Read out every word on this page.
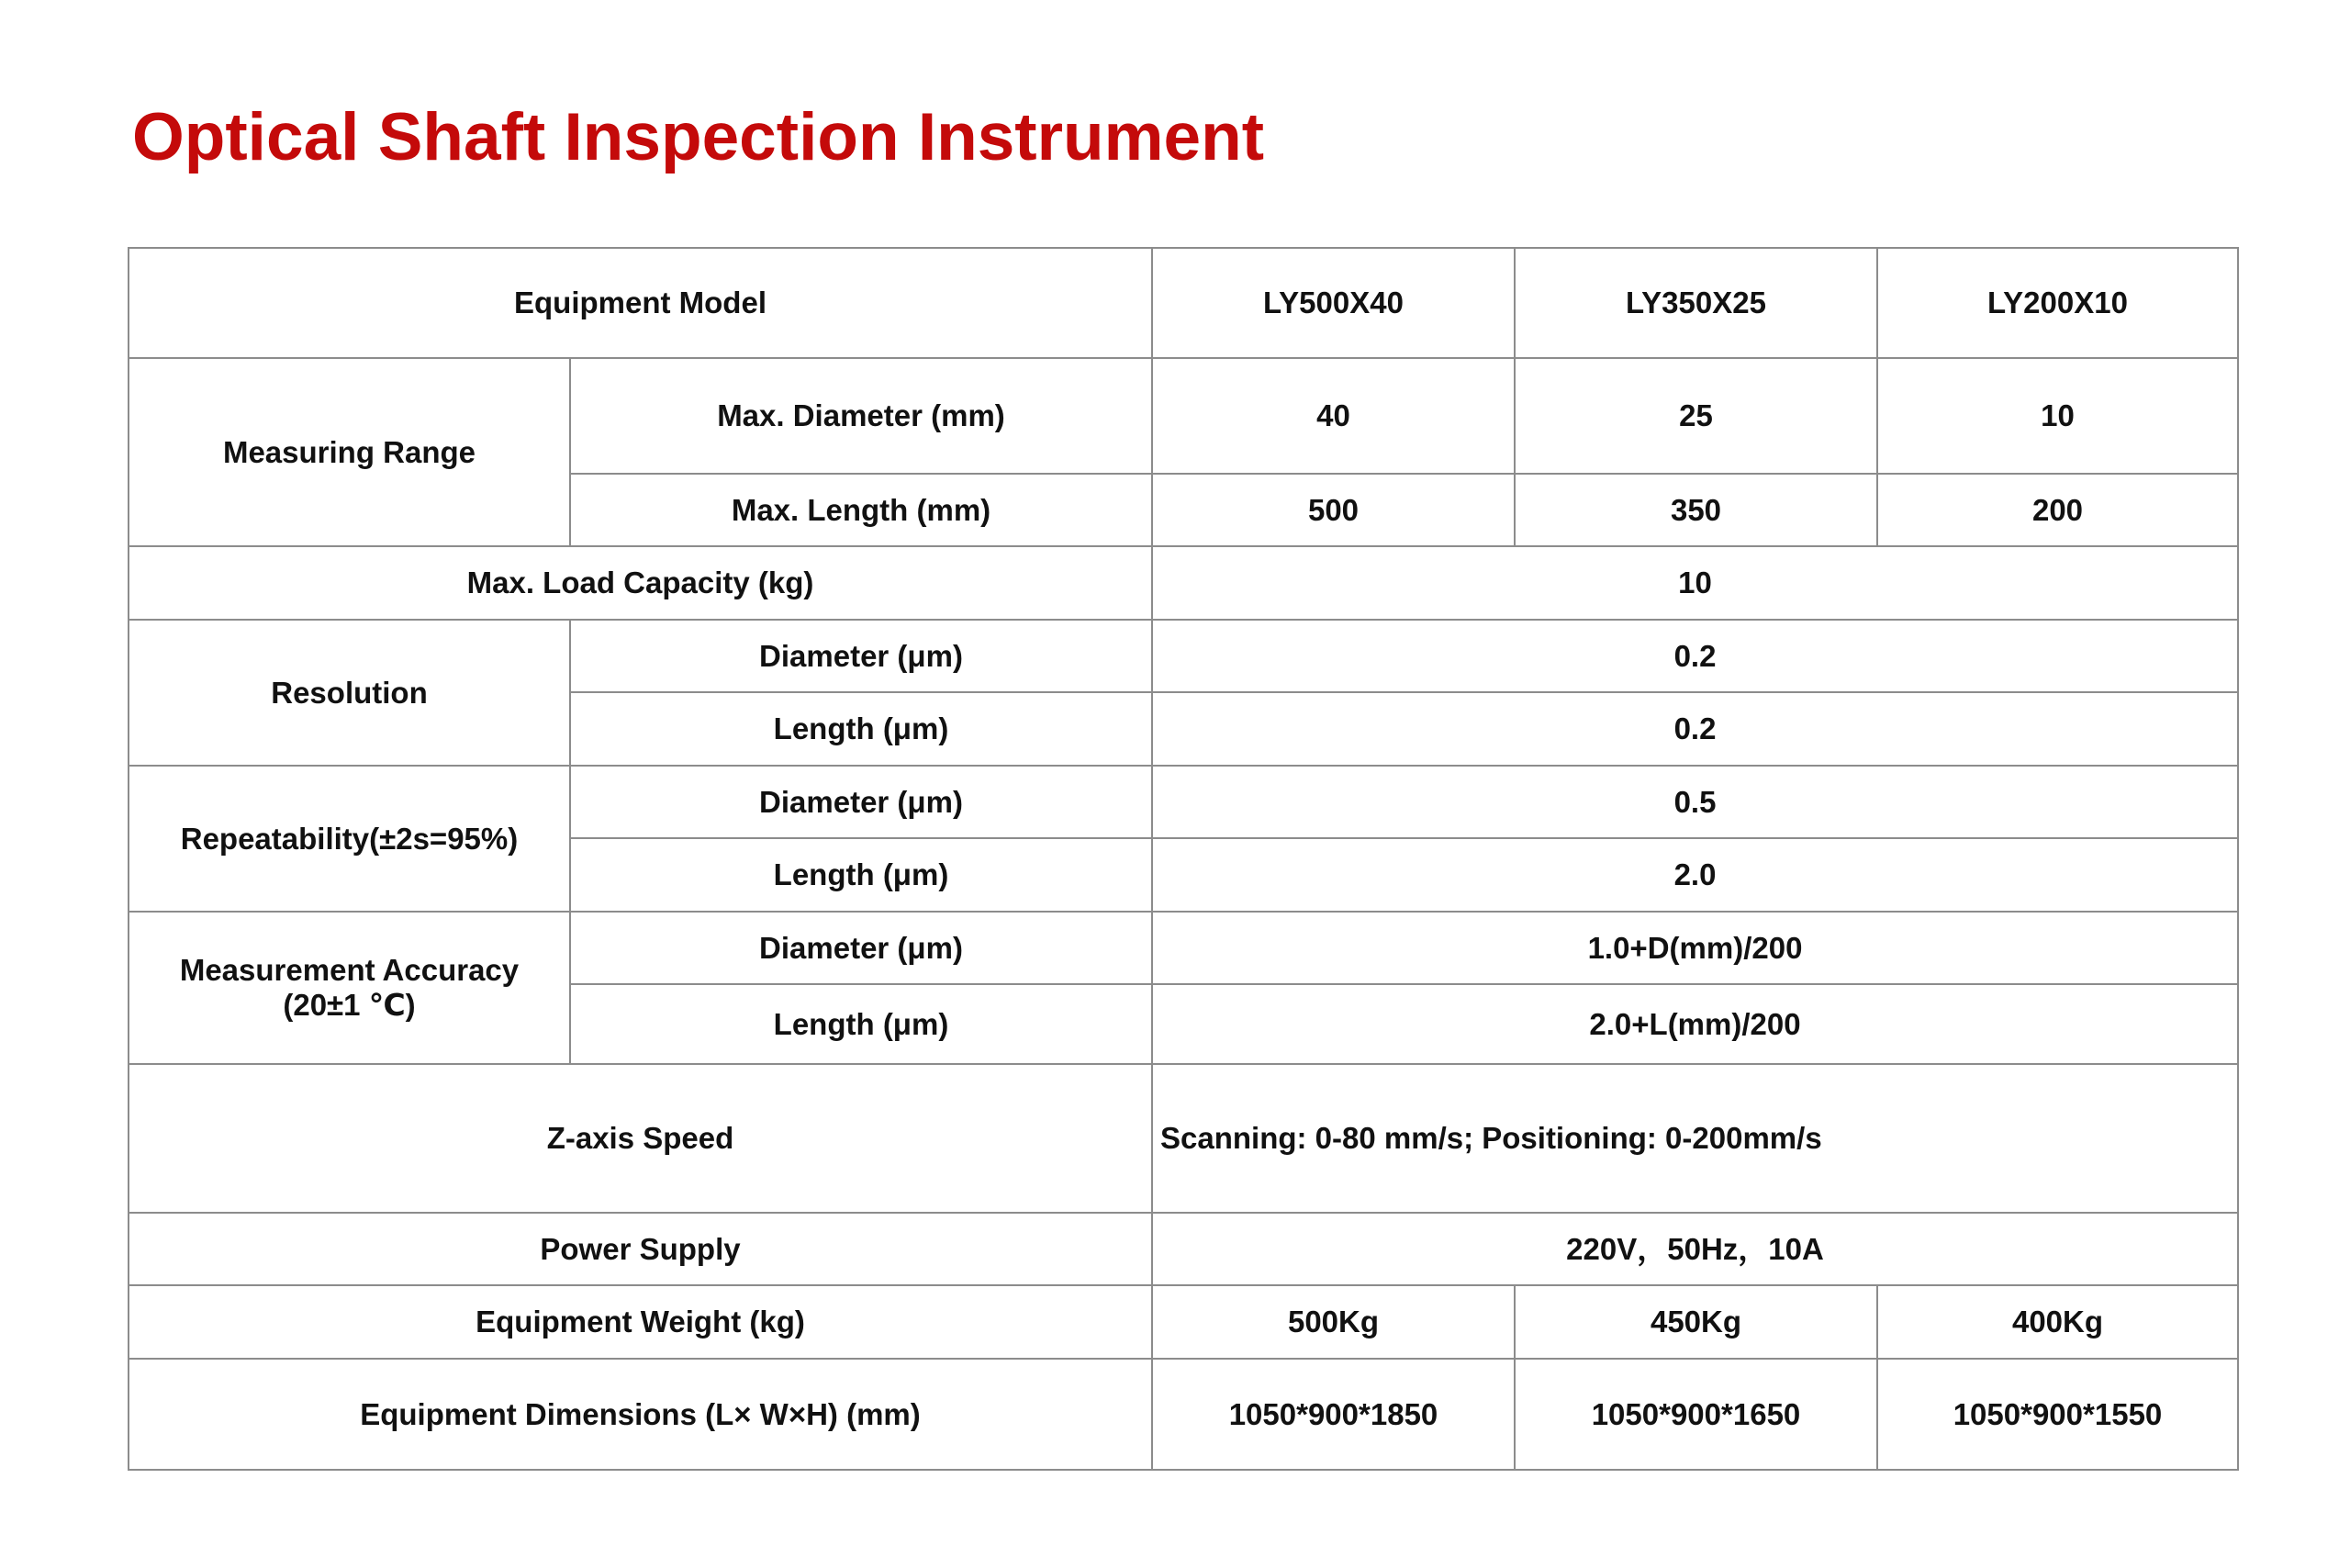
Optical Shaft Inspection Instrument
Equipment Model		LY500X40	LY350X25	LY200X10
Measuring Range	Max. Diameter (mm)	40	25	10
	Max. Length (mm)	500	350	200
Max. Load Capacity (kg)		10		
Resolution	Diameter (μm)	0.2		
	Length (μm)	0.2		
Repeatability(±2s=95%)	Diameter (μm)	0.5		
	Length (μm)	2.0		

Measurement Accuracy
(20±1 ℃)	Diameter (μm)	1.0+D(mm)/200		
	Length (μm)	2.0+L(mm)/200		
Z-axis Speed		Scanning: 0-80 mm/s; Positioning: 0-200mm/s		
Power Supply		220V，50Hz，10A		
Equipment Weight (kg)		500Kg	450Kg	400Kg
Equipment Dimensions (L× W×H) (mm)		1050*900*1850	1050*900*1650	1050*900*1550
